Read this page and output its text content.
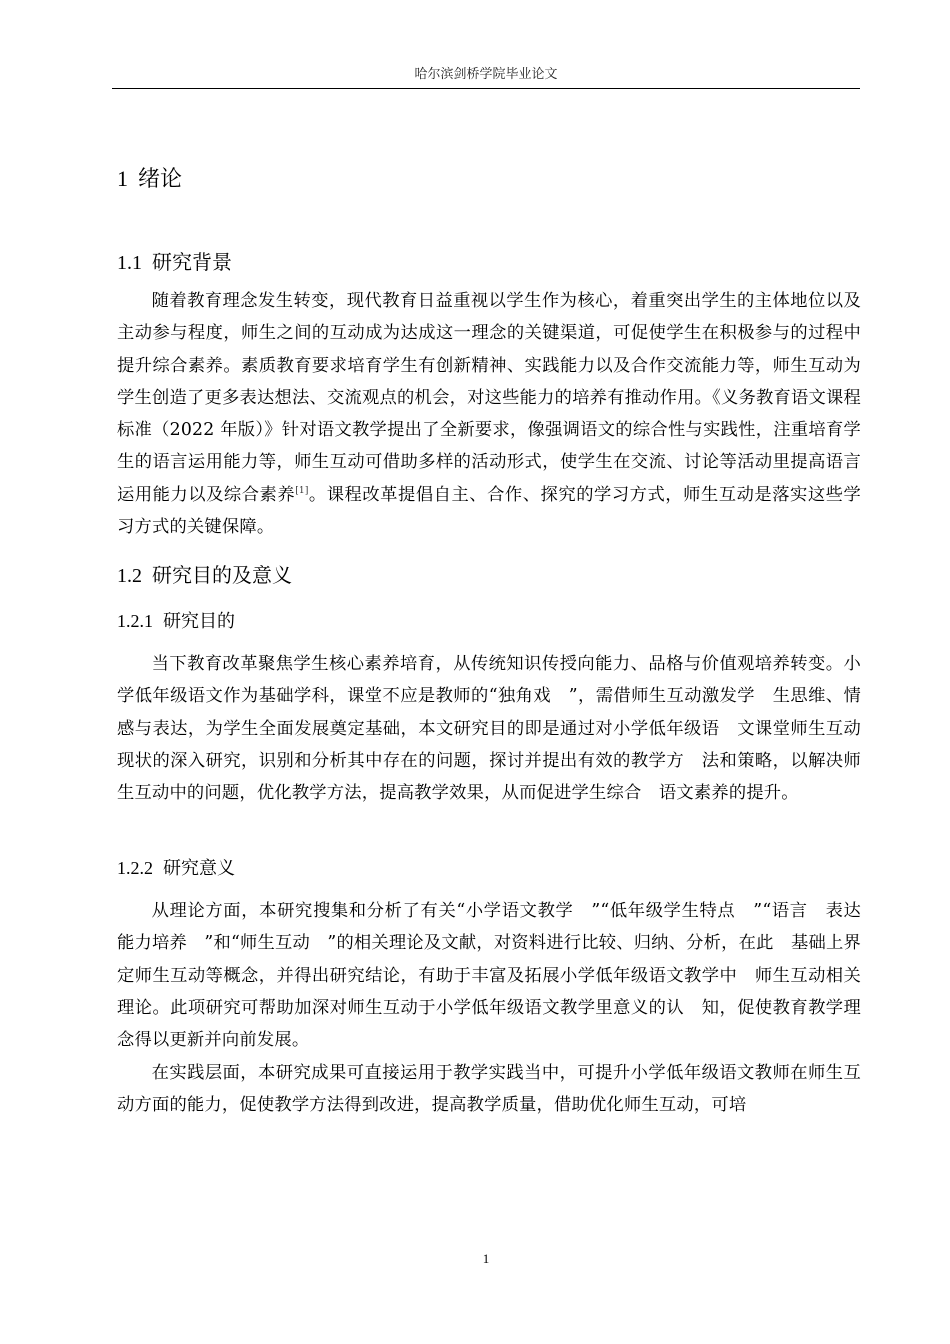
哈尔滨剑桥学院毕业论文
1 绪论
1.1 研究背景
随着教育理念发生转变，现代教育日益重视以学生作为核心，着重突出学生的主体地位以及主动参与程度，师生之间的互动成为达成这一理念的关键渠道，可促使学生在积极参与的过程中提升综合素养。素质教育要求培育学生有创新精神、实践能力以及合作交流能力等，师生互动为学生创造了更多表达想法、交流观点的机会，对这些能力的培养有推动作用。《义务教育语文课程标准（2022 年版）》针对语文教学提出了全新要求，像强调语文的综合性与实践性，注重培育学生的语言运用能力等，师生互动可借助多样的活动形式，使学生在交流、讨论等活动里提高语言运用能力以及综合素养[1]。课程改革提倡自主、合作、探究的学习方式，师生互动是落实这些学习方式的关键保障。
1.2 研究目的及意义
1.2.1 研究目的
当下教育改革聚焦学生核心素养培育，从传统知识传授向能力、品格与价值观培养转变。小学低年级语文作为基础学科，课堂不应是教师的“独角戏　”，需借师生互动激发学　生思维、情感与表达，为学生全面发展奠定基础，本文研究目的即是通过对小学低年级语　文课堂师生互动现状的深入研究，识别和分析其中存在的问题，探讨并提出有效的教学方　法和策略，以解决师生互动中的问题，优化教学方法，提高教学效果，从而促进学生综合　语文素养的提升。
1.2.2 研究意义
从理论方面，本研究搜集和分析了有关“小学语文教学　”“低年级学生特点　”“语言　表达能力培养　”和“师生互动　”的相关理论及文献，对资料进行比较、归纳、分析，在此　基础上界定师生互动等概念，并得出研究结论，有助于丰富及拓展小学低年级语文教学中　师生互动相关理论。此项研究可帮助加深对师生互动于小学低年级语文教学里意义的认　知，促使教育教学理念得以更新并向前发展。
在实践层面，本研究成果可直接运用于教学实践当中，可提升小学低年级语文教师在师生互动方面的能力，促使教学方法得到改进，提高教学质量，借助优化师生互动，可培
1
